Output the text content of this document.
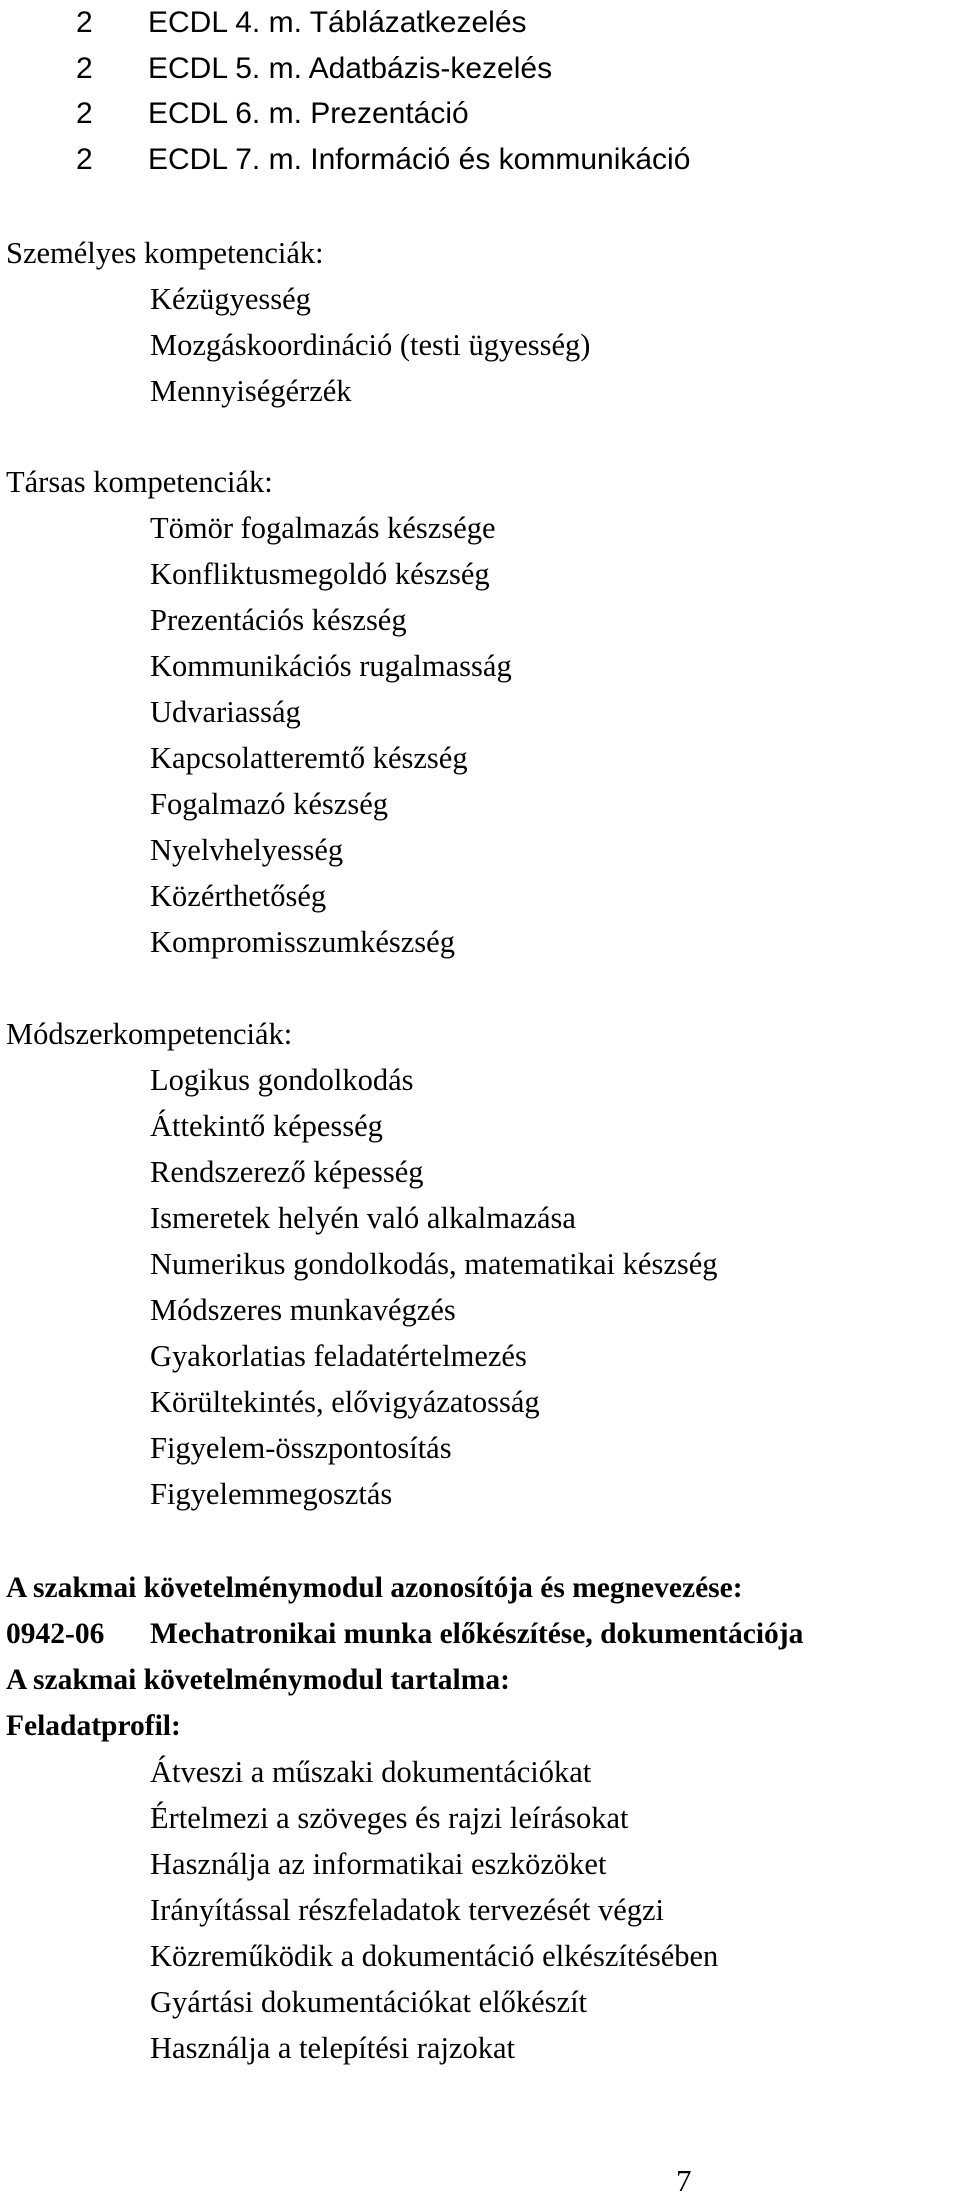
2 ECDL 4. m. Táblázatkezelés
2 ECDL 5. m. Adatbázis-kezelés
2 ECDL 6. m. Prezentáció
2 ECDL 7. m. Információ és kommunikáció
Személyes kompetenciák:
Kézügyesség
Mozgáskoordináció (testi ügyesség)
Mennyiségérzék
Társas kompetenciák:
Tömör fogalmazás készsége
Konfliktusmegoldó készség
Prezentációs készség
Kommunikációs rugalmasság
Udvariasság
Kapcsolatteremtő készség
Fogalmazó készség
Nyelvhelyesség
Közérthetőség
Kompromisszumkészség
Módszerkompetenciák:
Logikus gondolkodás
Áttekintő képesség
Rendszerező képesség
Ismeretek helyén való alkalmazása
Numerikus gondolkodás, matematikai készség
Módszeres munkavégzés
Gyakorlatias feladatértelmezés
Körültekintés, elővigyázatosság
Figyelem-összpontosítás
Figyelemmegosztás
A szakmai követelménymodul azonosítója és megnevezése:
0942-06 Mechatronikai munka előkészítése, dokumentációja
A szakmai követelménymodul tartalma:
Feladatprofil:
Átveszi a műszaki dokumentációkat
Értelmezi a szöveges és rajzi leírásokat
Használja az informatikai eszközöket
Irányítással részfeladatok tervezését végzi
Közreműködik a dokumentáció elkészítésében
Gyártási dokumentációkat előkészít
Használja a telepítési rajzokat
7
